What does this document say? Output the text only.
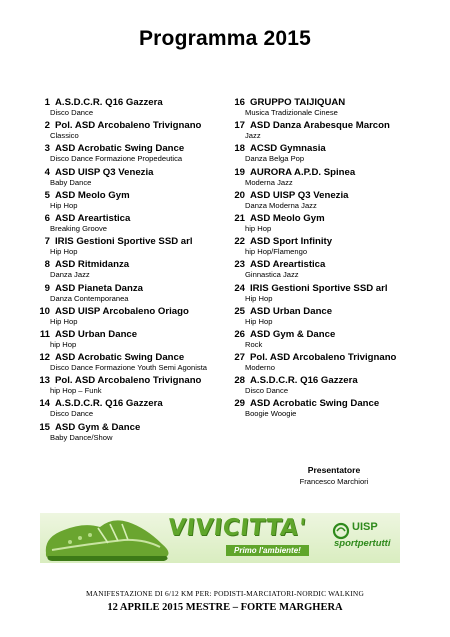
Programma 2015
1 A.S.D.C.R. Q16 Gazzera
Disco Dance
2 Pol. ASD Arcobaleno Trivignano
Classico
3 ASD Acrobatic Swing Dance
Disco Dance Formazione Propedeutica
4 ASD UISP Q3 Venezia
Baby Dance
5 ASD Meolo Gym
Hip Hop
6 ASD Areartistica
Breaking Groove
7 IRIS Gestioni Sportive SSD arl
Hip Hop
8 ASD Ritmidanza
Danza Jazz
9 ASD Pianeta Danza
Danza Contemporanea
10 ASD UISP Arcobaleno Oriago
Hip Hop
11 ASD Urban Dance
hip Hop
12 ASD Acrobatic Swing Dance
Disco Dance Formazione Youth Semi Agonista
13 Pol. ASD Arcobaleno Trivignano
hip Hop – Funk
14 A.S.D.C.R. Q16 Gazzera
Disco Dance
15 ASD Gym & Dance
Baby Dance/Show
16 GRUPPO TAIJIQUAN
Musica Tradizionale Cinese
17 ASD Danza Arabesque Marcon
Jazz
18 ACSD Gymnasia
Danza Belga Pop
19 AURORA A.P.D. Spinea
Moderna Jazz
20 ASD UISP Q3 Venezia
Danza Moderna Jazz
21 ASD Meolo Gym
hip Hop
22 ASD Sport Infinity
hip Hop/Flamengo
23 ASD Areartistica
Ginnastica Jazz
24 IRIS Gestioni Sportive SSD arl
Hip Hop
25 ASD Urban Dance
Hip Hop
26 ASD Gym & Dance
Rock
27 Pol. ASD Arcobaleno Trivignano
Moderno
28 A.S.D.C.R. Q16 Gazzera
Disco Dance
29 ASD Acrobatic Swing Dance
Boogie Woogie
Presentatore
Francesco Marchiori
VIVICITTA'
Primo l'ambiente!
UISP
sportpertutti
MANIFESTAZIONE DI 6/12 KM PER: PODISTI-MARCIATORI-NORDIC WALKING
12 APRILE 2015 MESTRE – FORTE MARGHERA
